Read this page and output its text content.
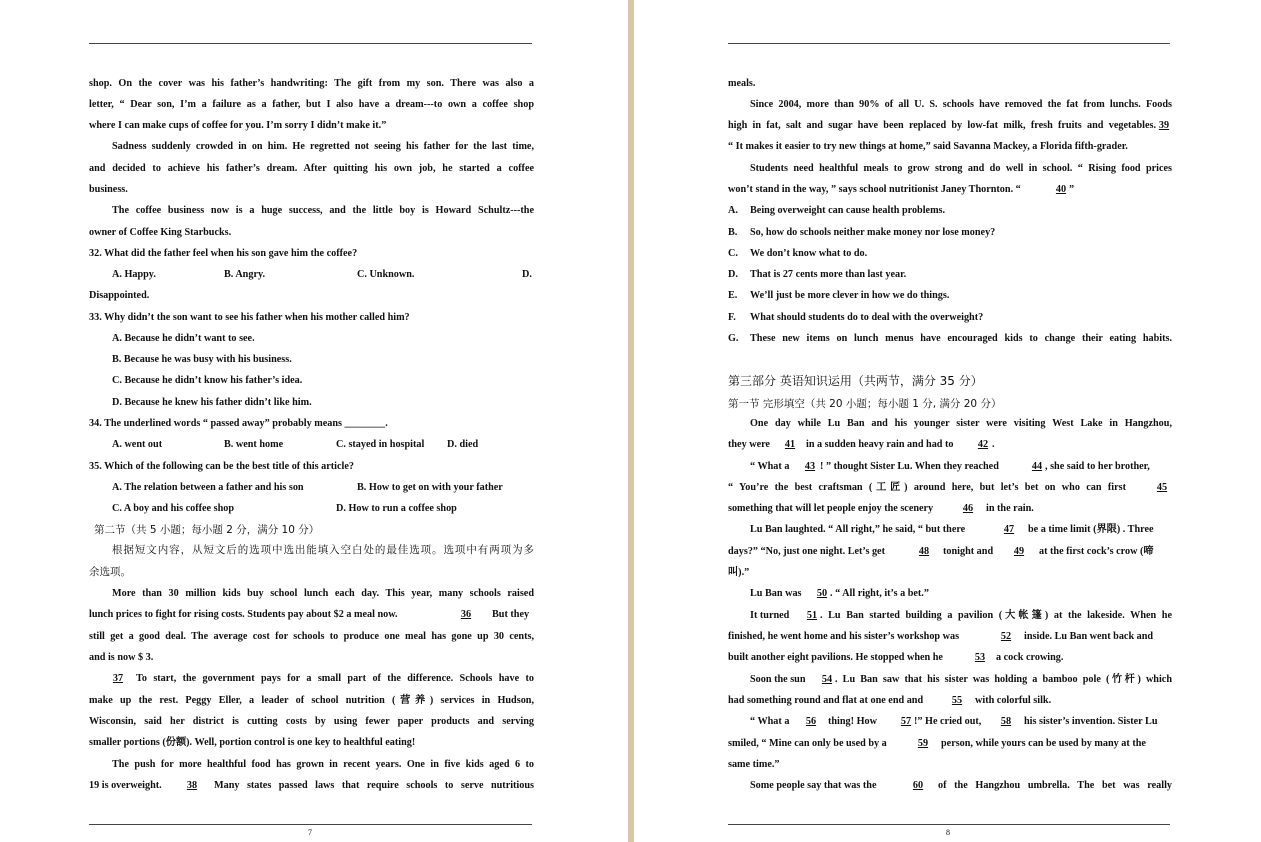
shop. On the cover was his father’s handwriting: The gift from my son. There was also a
letter, “ Dear son, I’m a failure as a father, but I also have a dream---to own a coffee shop
where I can make cups of coffee for you. I’m sorry I didn’t make it.”
Sadness suddenly crowded in on him. He regretted not seeing his father for the last time,
and decided to achieve his father’s dream. After quitting his own job, he started a coffee
business.
The coffee business now is a huge success, and the little boy is Howard Schultz---the
owner of Coffee King Starbucks.
32. What did the father feel when his son gave him the coffee?
A. Happy.	B. Angry.	C. Unknown.	D.
Disappointed.
33. Why didn’t the son want to see his father when his mother called him?
A. Because he didn’t want to see.
B. Because he was busy with his business.
C. Because he didn’t know his father’s idea.
D. Because he knew his father didn’t like him.
34. The underlined words “ passed away” probably means ________.
A. went out	B. went home	C. stayed in hospital D. died
35. Which of the following can be the best title of this article?
A. The relation between a father and his son	B. How to get on with your father
C. A boy and his coffee shop	D. How to run a coffee shop
第二节（共 5 小题；每小题 2 分，满分 10 分）
根据短文内容，从短文后的选项中选出能填入空白处的最佳选项。选项中有两项为多
余选项。
More than 30 million kids buy school lunch each day. This year, many schools raised
lunch prices to fight for rising costs. Students pay about $2 a meal now.	36 But they
still get a good deal. The average cost for schools to produce one meal has gone up 30 cents,
and is now $ 3.
37 To start, the government pays for a small part of the difference. Schools have to
make up the rest. Peggy Eller, a leader of school nutrition (营养) services in Hudson,
Wisconsin, said her district is cutting costs by using fewer paper products and serving
smaller portions (份额). Well, portion control is one key to healthful eating!
The push for more healthful food has grown in recent years. One in five kids aged 6 to
19 is overweight. 38 Many states passed laws that require schools to serve nutritious
7
meals.
Since 2004, more than 90% of all U. S. schools have removed the fat from lunchs. Foods
high in fat, salt and sugar have been replaced by low-fat milk, fresh fruits and vegetables. 39
“ It makes it easier to try new things at home,” said Savanna Mackey, a Florida fifth-grader.
Students need healthful meals to grow strong and do well in school. “ Rising food prices
won’t stand in the way, ” says school nutritionist Janey Thornton. “	40 ”
A. Being overweight can cause health problems.
B. So, how do schools neither make money nor lose money?
C. We don’t know what to do.
D. That is 27 cents more than last year.
E. We’ll just be more clever in how we do things.
F. What should students do to deal with the overweight?
G. These new items on lunch menus have encouraged kids to change their eating habits.
第三部分 英语知识运用（共两节，满分 35 分）
第一节 完形填空（共 20 小题；每小题 1 分, 满分 20 分）
One day while Lu Ban and his younger sister were visiting West Lake in Hangzhou,
they were 41 in a sudden heavy rain and had to 42 .
“ What a 43 ! ” thought Sister Lu. When they reached	44 , she said to her brother,
“ You’re the best craftsman (工匠) around here, but let’s bet on who can first	45
something that will let people enjoy the scenery	46 in the rain.
Lu Ban laughted. “ All right,” he said, “ but there	47 be a time limit (界限) . Three
days?” “No, just one night. Let’s get	48 tonight and 49 at the first cock’s crow (啼
叫).”
Lu Ban was 50 . “ All right, it’s a bet.”
It turned 51 . Lu Ban started building a pavilion (大帐篷) at the lakeside. When he
finished, he went home and his sister’s workshop was	52 inside. Lu Ban went back and
built another eight pavilions. He stopped when he	53 a cock crowing.
Soon the sun 54 . Lu Ban saw that his sister was holding a bamboo pole (竹杆) which
had something round and flat at one end and	55 with colorful silk.
“ What a 56 thing! How 57 !” He cried out, 58 his sister’s invention. Sister Lu
smiled, “ Mine can only be used by a	59 person, while yours can be used by many at the
same time.”
Some people say that was the	60 of the Hangzhou umbrella. The bet was really
8
